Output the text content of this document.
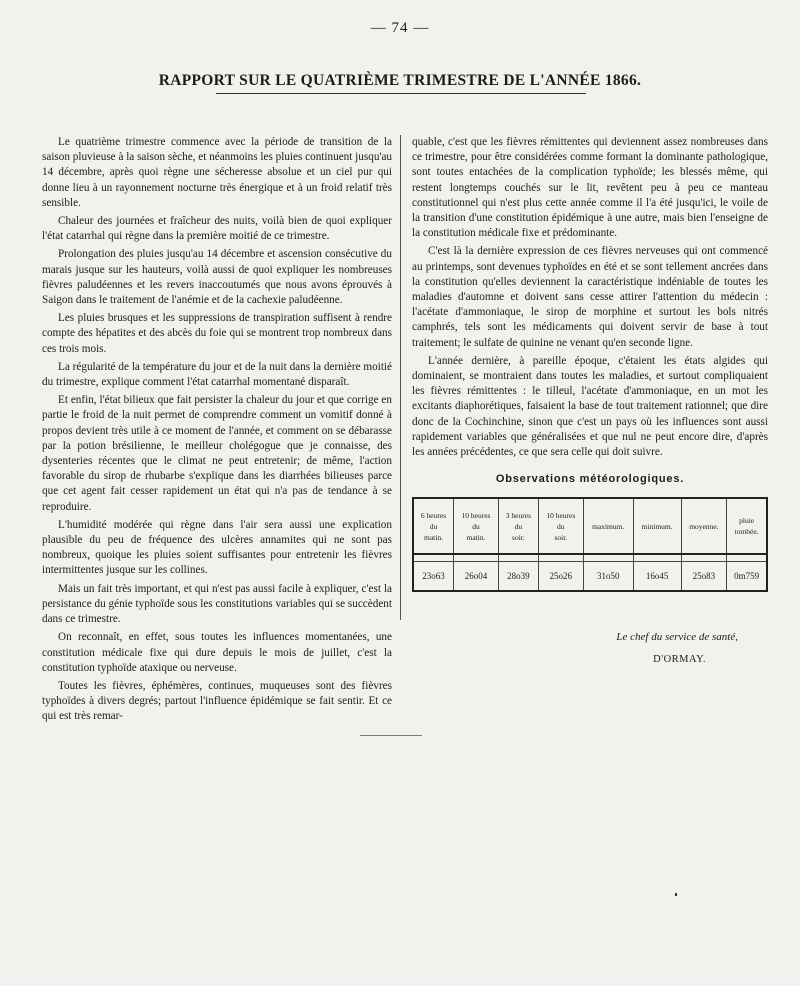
— 74 —
RAPPORT SUR LE QUATRIÈME TRIMESTRE DE L'ANNÉE 1866.

Le quatrième trimestre commence avec la période de transition de la saison pluvieuse à la saison sèche, et néanmoins les pluies continuent jusqu'au 14 décembre, après quoi règne une sécheresse absolue et un ciel pur qui donne lieu à un rayonnement nocturne très énergique et à un froid relatif très sensible.

Chaleur des journées et fraîcheur des nuits, voilà bien de quoi expliquer l'état catarrhal qui règne dans la première moitié de ce trimestre.

Prolongation des pluies jusqu'au 14 décembre et ascension consécutive du marais jusque sur les hauteurs, voilà aussi de quoi expliquer les nombreuses fièvres paludéennes et les revers inaccoutumés que nous avons éprouvés à Saigon dans le traitement de l'anémie et de la cachexie paludéenne.

Les pluies brusques et les suppressions de transpiration suffisent à rendre compte des hépatites et des abcès du foie qui se montrent trop nombreux dans ces trois mois.

La régularité de la température du jour et de la nuit dans la dernière moitié du trimestre, explique comment l'état catarrhal momentané disparaît.

Et enfin, l'état bilieux que fait persister la chaleur du jour et que corrige en partie le froid de la nuit permet de comprendre comment un vomitif donné à propos devient très utile à ce moment de l'année, et comment on se débarasse par la potion brésilienne, le meilleur cholégogue que je connaisse, des dysenteries récentes que le climat ne peut entretenir; de même, l'action favorable du sirop de rhubarbe s'explique dans les diarrhées bilieuses parce que cet agent fait cesser rapidement un état qui n'a pas de tendance à se reproduire.

L'humidité modérée qui règne dans l'air sera aussi une explication plausible du peu de fréquence des ulcères annamites qui ne sont pas nombreux, quoique les pluies soient suffisantes pour entretenir les fièvres intermittentes jusque sur les collines.

Mais un fait très important, et qui n'est pas aussi facile à expliquer, c'est la persistance du génie typhoïde sous les constitutions variables qui se succèdent dans ce trimestre.

On reconnaît, en effet, sous toutes les influences momentanées, une constitution médicale fixe qui dure depuis le mois de juillet, c'est la constitution typhoïde ataxique ou nerveuse.

Toutes les fièvres, éphémères, continues, muqueuses sont des fièvres typhoïdes à divers degrés; partout l'influence épidémique se fait sentir. Et ce qui est très remar-

quable, c'est que les fièvres rémittentes qui deviennent assez nombreuses dans ce trimestre, pour être considérées comme formant la dominante pathologique, sont toutes entachées de la complication typhoïde; les blessés même, qui restent longtemps couchés sur le lit, revêtent peu à peu ce manteau constitutionnel qui n'est plus cette année comme il l'a été jusqu'ici, le voile de la transition d'une constitution épidémique à une autre, mais bien l'enseigne de la constitution médicale fixe et prédominante.

C'est là la dernière expression de ces fièvres nerveuses qui ont commencé au printemps, sont devenues typhoïdes en été et se sont tellement ancrées dans la constitution qu'elles deviennent la caractéristique indéniable de toutes les maladies d'automne et doivent sans cesse attirer l'attention du médecin : l'acétate d'ammoniaque, le sirop de morphine et surtout les bols nitrés camphrés, tels sont les médicaments qui doivent servir de base à tout traitement; le sulfate de quinine ne venant qu'en seconde ligne.

L'année dernière, à pareille époque, c'étaient les états algides qui dominaient, se montraient dans toutes les maladies, et surtout compliquaient les fièvres rémittentes : le tilleul, l'acétate d'ammoniaque, en un mot les excitants diaphorétiques, faisaient la base de tout traitement rationnel; que dire donc de la Cochinchine, sinon que c'est un pays où les influences sont aussi rapidement variables que généralisées et que nul ne peut encore dire, d'après les années précédentes, ce que sera celle qui doit suivre.

Observations météorologiques.
6 heures
du
matin.	10 heures
du
matin.	3 heures
du
soir.	10 heures
du
soir.	maximum.	minimum.	moyenne.	pluie
tombée.

23o63	26o04	28o39	25o26	31o50	16o45	25o83	0m759
Le chef du service de santé,
D'ORMAY.
